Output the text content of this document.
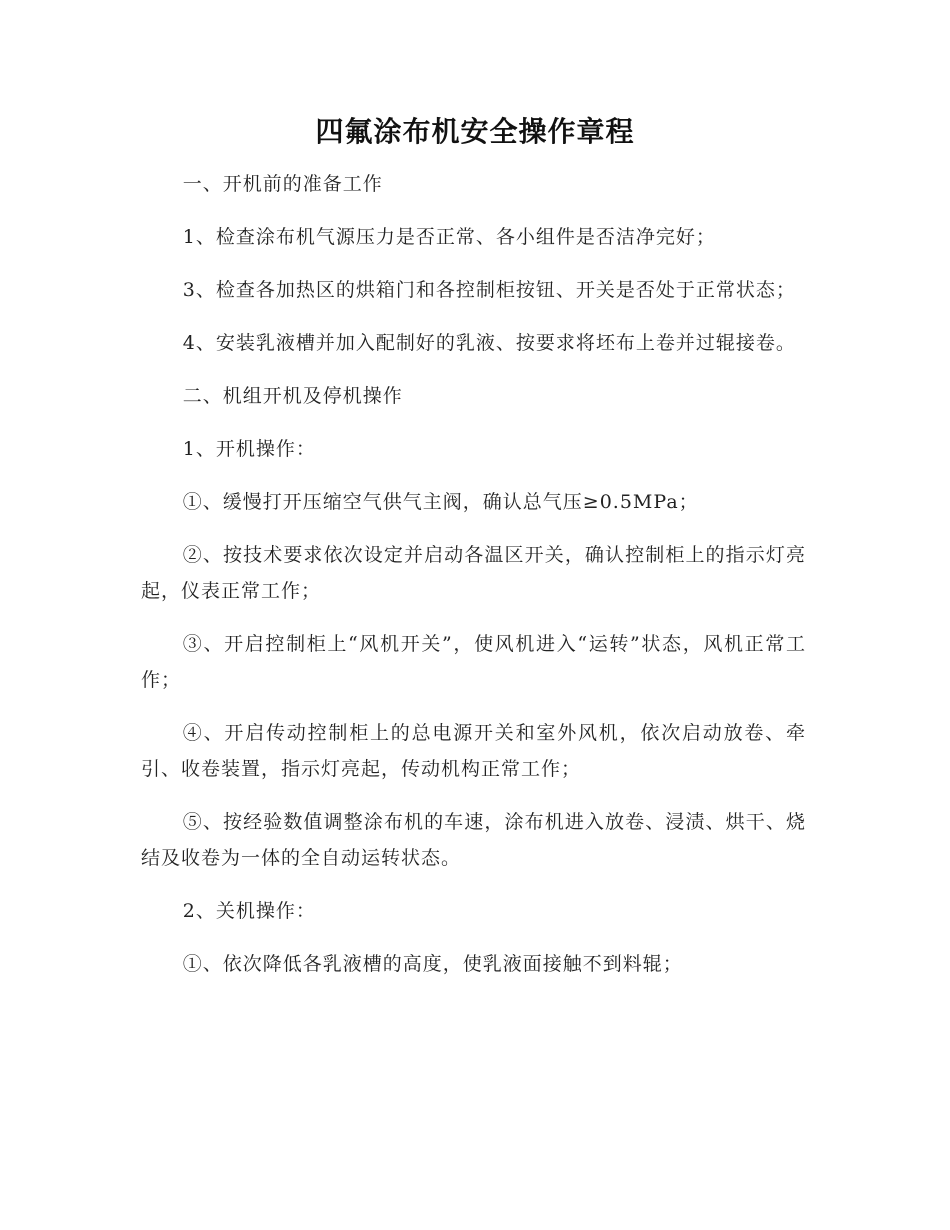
四氟涂布机安全操作章程

一、开机前的准备工作

1、检查涂布机气源压力是否正常、各小组件是否洁净完好；

3、检查各加热区的烘箱门和各控制柜按钮、开关是否处于正常状态；

4、安装乳液槽并加入配制好的乳液、按要求将坯布上卷并过辊接卷。

二、机组开机及停机操作

1、开机操作：

①、缓慢打开压缩空气供气主阀，确认总气压≥0.5MPa；

②、按技术要求依次设定并启动各温区开关，确认控制柜上的指示灯亮起，仪表正常工作；

③、开启控制柜上“风机开关”，使风机进入“运转”状态，风机正常工作；

④、开启传动控制柜上的总电源开关和室外风机，依次启动放卷、牵引、收卷装置，指示灯亮起，传动机构正常工作；

⑤、按经验数值调整涂布机的车速，涂布机进入放卷、浸渍、烘干、烧结及收卷为一体的全自动运转状态。

2、关机操作：

①、依次降低各乳液槽的高度，使乳液面接触不到料辊；
